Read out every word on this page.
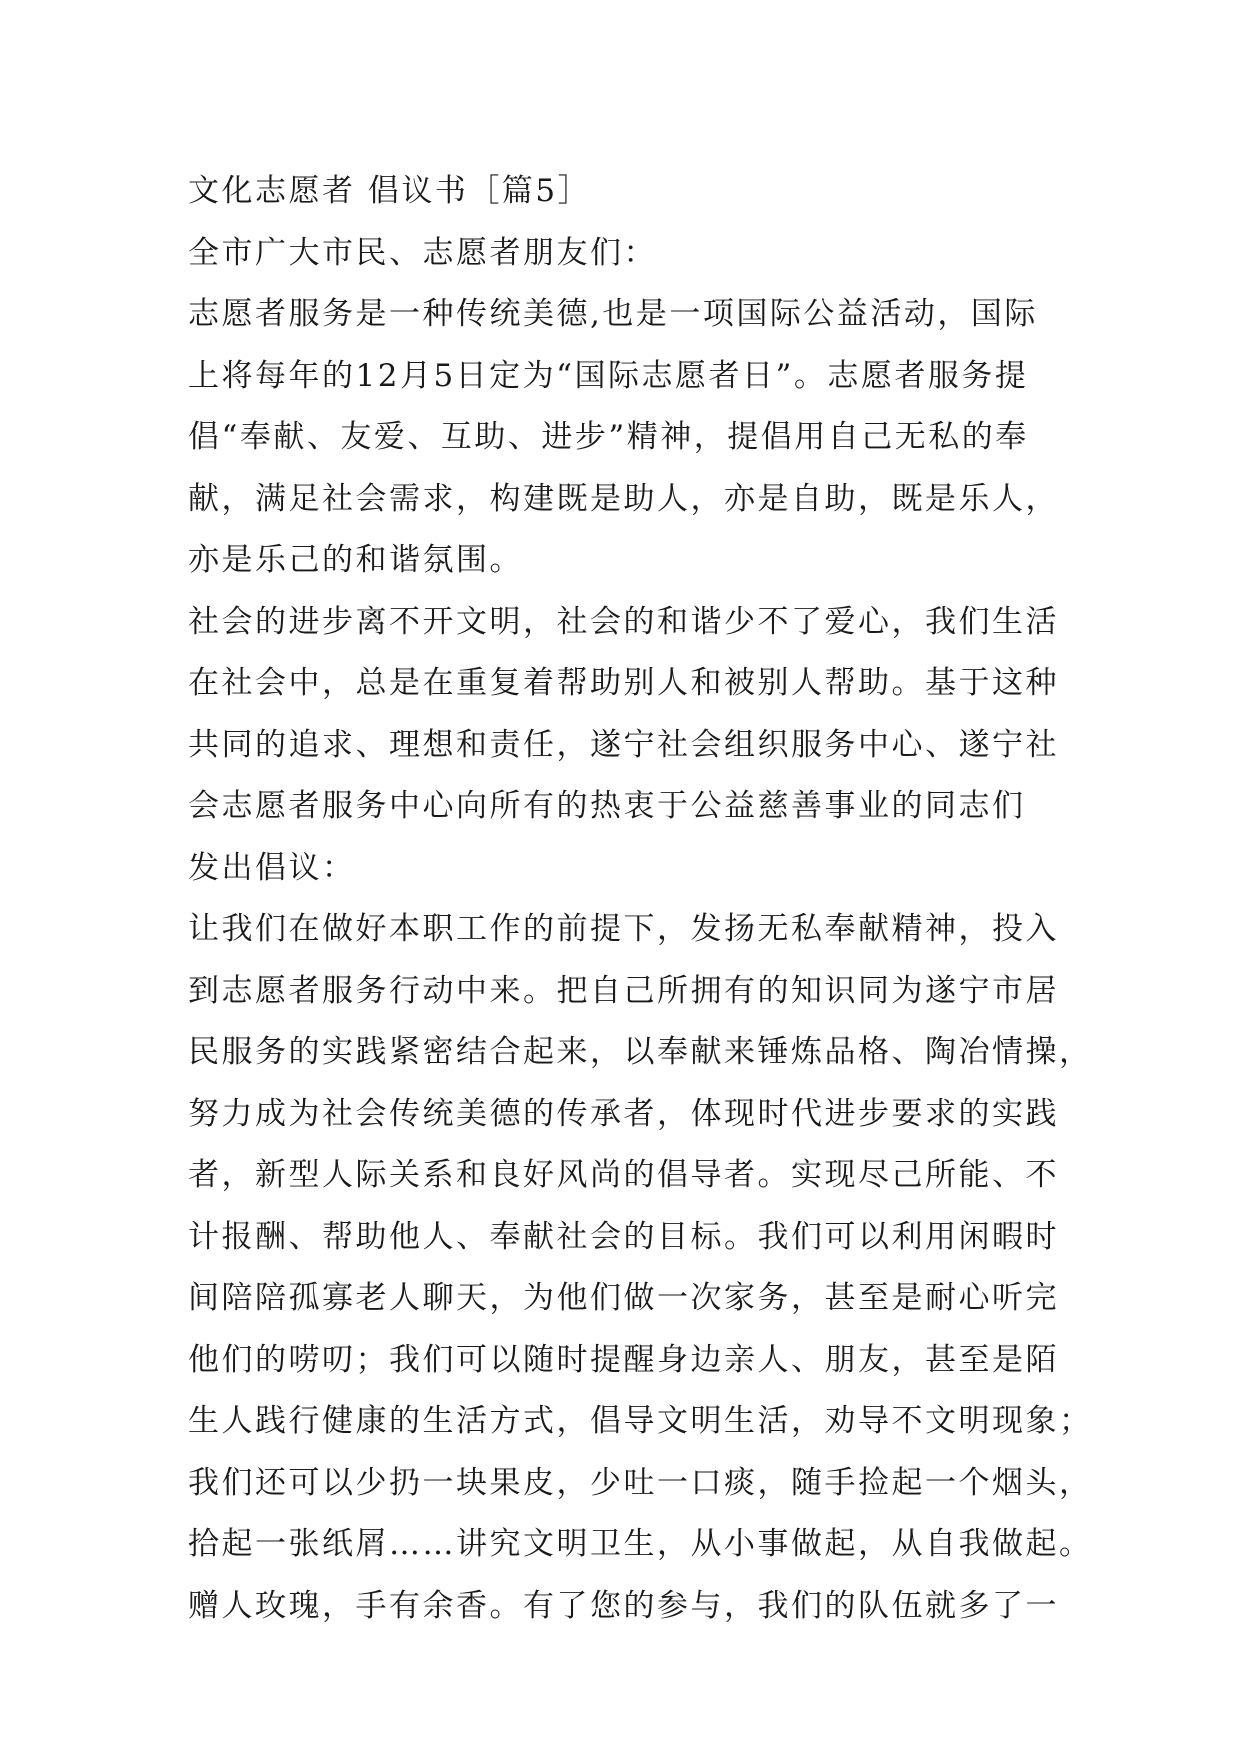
文化志愿者 倡议书［篇5］
全市广大市民、志愿者朋友们：
志愿者服务是一种传统美德,也是一项国际公益活动，国际
上将每年的12月5日定为“国际志愿者日”。志愿者服务提
倡“奉献、友爱、互助、进步”精神，提倡用自己无私的奉
献，满足社会需求，构建既是助人，亦是自助，既是乐人，
亦是乐己的和谐氛围。
社会的进步离不开文明，社会的和谐少不了爱心，我们生活
在社会中，总是在重复着帮助别人和被别人帮助。基于这种
共同的追求、理想和责任，遂宁社会组织服务中心、遂宁社
会志愿者服务中心向所有的热衷于公益慈善事业的同志们
发出倡议：
让我们在做好本职工作的前提下，发扬无私奉献精神，投入
到志愿者服务行动中来。把自己所拥有的知识同为遂宁市居
民服务的实践紧密结合起来，以奉献来锤炼品格、陶冶情操，
努力成为社会传统美德的传承者，体现时代进步要求的实践
者，新型人际关系和良好风尚的倡导者。实现尽己所能、不
计报酬、帮助他人、奉献社会的目标。我们可以利用闲暇时
间陪陪孤寡老人聊天，为他们做一次家务，甚至是耐心听完
他们的唠叨；我们可以随时提醒身边亲人、朋友，甚至是陌
生人践行健康的生活方式，倡导文明生活，劝导不文明现象；
我们还可以少扔一块果皮，少吐一口痰，随手捡起一个烟头，
拾起一张纸屑……讲究文明卫生，从小事做起，从自我做起。
赠人玫瑰，手有余香。有了您的参与，我们的队伍就多了一
